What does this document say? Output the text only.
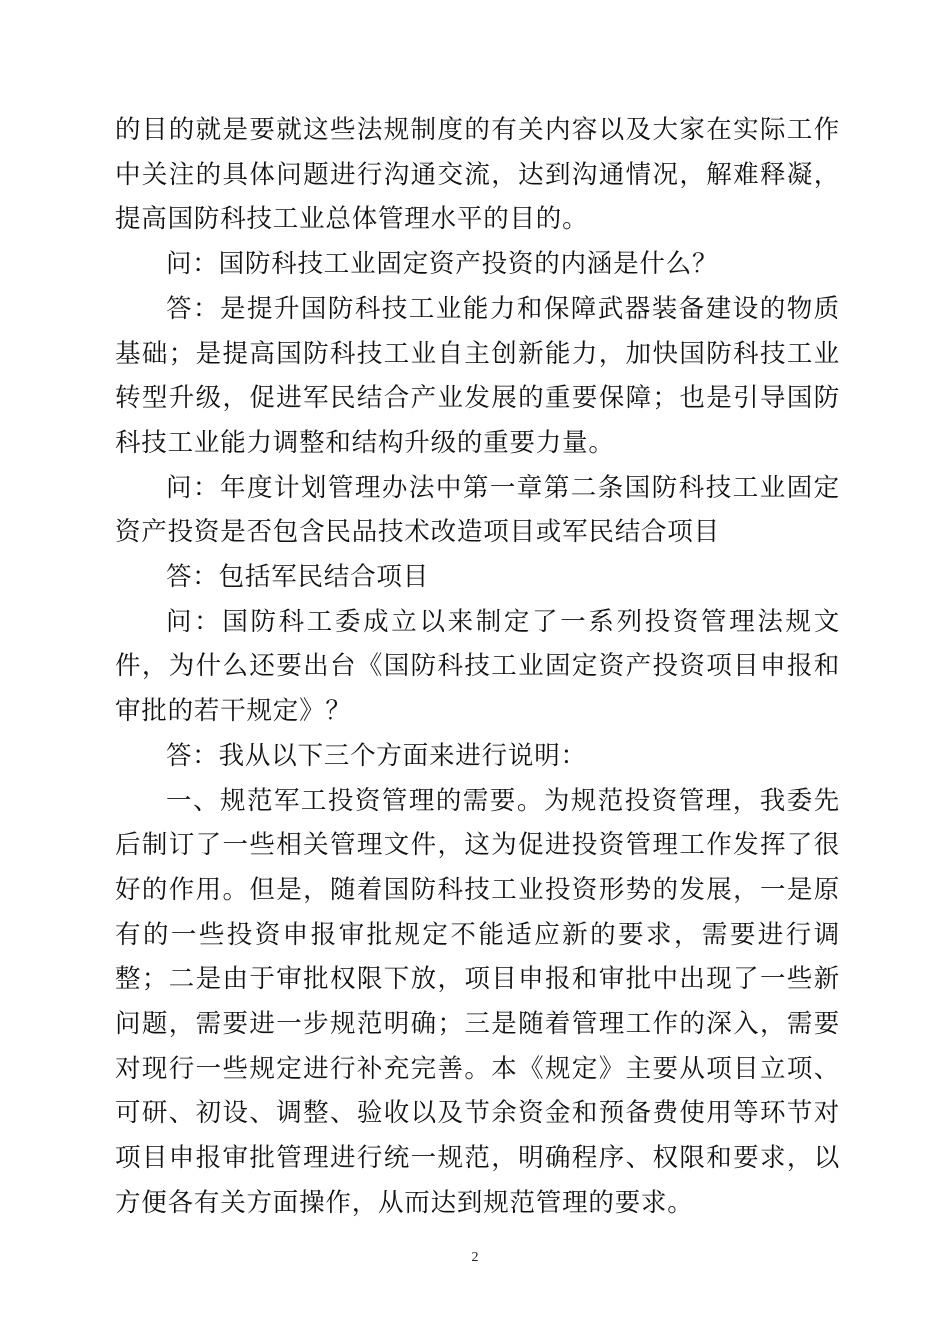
的目的就是要就这些法规制度的有关内容以及大家在实际工作中关注的具体问题进行沟通交流，达到沟通情况，解难释凝，提高国防科技工业总体管理水平的目的。

问：国防科技工业固定资产投资的内涵是什么？

答：是提升国防科技工业能力和保障武器装备建设的物质基础；是提高国防科技工业自主创新能力，加快国防科技工业转型升级，促进军民结合产业发展的重要保障；也是引导国防科技工业能力调整和结构升级的重要力量。

问：年度计划管理办法中第一章第二条国防科技工业固定资产投资是否包含民品技术改造项目或军民结合项目

答：包括军民结合项目

问：国防科工委成立以来制定了一系列投资管理法规文件，为什么还要出台《国防科技工业固定资产投资项目申报和审批的若干规定》？

答：我从以下三个方面来进行说明：

一、规范军工投资管理的需要。为规范投资管理，我委先后制订了一些相关管理文件，这为促进投资管理工作发挥了很好的作用。但是，随着国防科技工业投资形势的发展，一是原有的一些投资申报审批规定不能适应新的要求，需要进行调整；二是由于审批权限下放，项目申报和审批中出现了一些新问题，需要进一步规范明确；三是随着管理工作的深入，需要对现行一些规定进行补充完善。本《规定》主要从项目立项、可研、初设、调整、验收以及节余资金和预备费使用等环节对项目申报审批管理进行统一规范，明确程序、权限和要求，以方便各有关方面操作，从而达到规范管理的要求。

2
